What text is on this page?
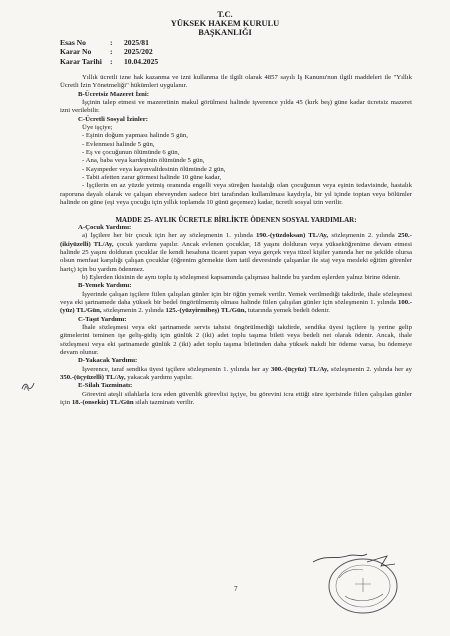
T.C.
YÜKSEK HAKEM KURULU
BAŞKANLIĞI
Esas No	: 2025/81
Karar No : 2025/202
Karar Tarihi : 10.04.2025

Yıllık ücretli izne hak kazanma ve izni kullanma ile ilgili olarak 4857 sayılı İş Kanunu'nun ilgili maddeleri ile "Yıllık Ücretli İzin Yönetmeliği" hükümleri uygulanır.

B-Ücretsiz Mazeret İzni:

İşçinin talep etmesi ve mazeretinin makul görülmesi halinde işverence yılda 45 (kırk beş) güne kadar ücretsiz mazeret izni verilebilir.

C-Ücretli Sosyal İzinler:

Üye işçiye;

- Eşinin doğum yapması halinde 5 gün,

- Evlenmesi halinde 5 gün,

- Eş ve çocuğunun ölümünde 6 gün,

- Ana, baba veya kardeşinin ölümünde 5 gün,

- Kayınpeder veya kayınvalidesinin ölümünde 2 gün,

- Tabii afetten zarar görmesi halinde 10 güne kadar,

- İşçilerin en az yüzde yetmiş oranında engelli veya süreğen hastalığı olan çocuğunun veya eşinin tedavisinde, hastalık raporuna dayalı olarak ve çalışan ebeveynden sadece biri tarafından kullanılması kaydıyla, bir yıl içinde toptan veya bölümler halinde on güne (eşi veya çocuğu için yıllık toplamda 10 günü geçemez) kadar, ücretli sosyal izin verilir.

MADDE 25- AYLIK ÜCRETLE BİRLİKTE ÖDENEN SOSYAL YARDIMLAR:

A-Çocuk Yardımı:

a) İşçilere her bir çocuk için her ay sözleşmenin 1. yılında 190.-(yüzdoksan) TL/Ay, sözleşmenin 2. yılında 250.-(ikiyüzelli) TL/Ay, çocuk yardımı yapılır. Ancak evlenen çocuklar, 18 yaşını dolduran veya yükseköğrenime devam etmesi halinde 25 yaşını dolduran çocuklar ile kendi hesabına ticaret yapan veya gerçek veya tüzel kişiler yanında her ne şekilde olursa olsun menfaat karşılığı çalışan çocuklar (öğrenim görmekte iken tatil devresinde çalışanlar ile staj veya mesleki eğitim görenler hariç) için bu yardım ödenmez.

b) Eşlerden ikisinin de aynı toplu iş sözleşmesi kapsamında çalışması halinde bu yardım eşlerden yalnız birine ödenir.

B-Yemek Yardımı:

İşyerinde çalışan işçilere fiilen çalışılan günler için bir öğün yemek verilir. Yemek verilmediği takdirde, ihale sözleşmesi veya eki şartnamede daha yüksek bir bedel öngörülmemiş olması halinde fiilen çalışılan günler için sözleşmenin 1. yılında 100.-(yüz) TL/Gün, sözleşmenin 2. yılında 125.-(yüzyirmibeş) TL/Gün, tutarında yemek bedeli ödenir.

C-Taşıt Yardımı:

İhale sözleşmesi veya eki şartnamede servis tahsisi öngörülmediği takdirde, sendika üyesi işçilere iş yerine gelip gitmelerini teminen işe geliş-gidiş için günlük 2 (iki) adet toplu taşıma bileti veya bedeli net olarak ödenir. Ancak, ihale sözleşmesi veya eki şartnamede günlük 2 (iki) adet toplu taşıma biletinden daha yüksek nakdi bir ödeme varsa, bu ödemeye devam olunur.

D-Yakacak Yardımı:

İşverence, taraf sendika üyesi işçilere sözleşmenin 1. yılında her ay 300.-(üçyüz) TL/Ay, sözleşmenin 2. yılında her ay 350.-(üçyüzelli) TL/Ay, yakacak yardımı yapılır.

E-Silah Tazminatı:

Görevini ateşli silahlarla icra eden güvenlik görevlisi işçiye, bu görevini icra ettiği süre içerisinde fiilen çalışılan günler için 18.-(onsekiz) TL/Gün silah tazminatı verilir.

7
